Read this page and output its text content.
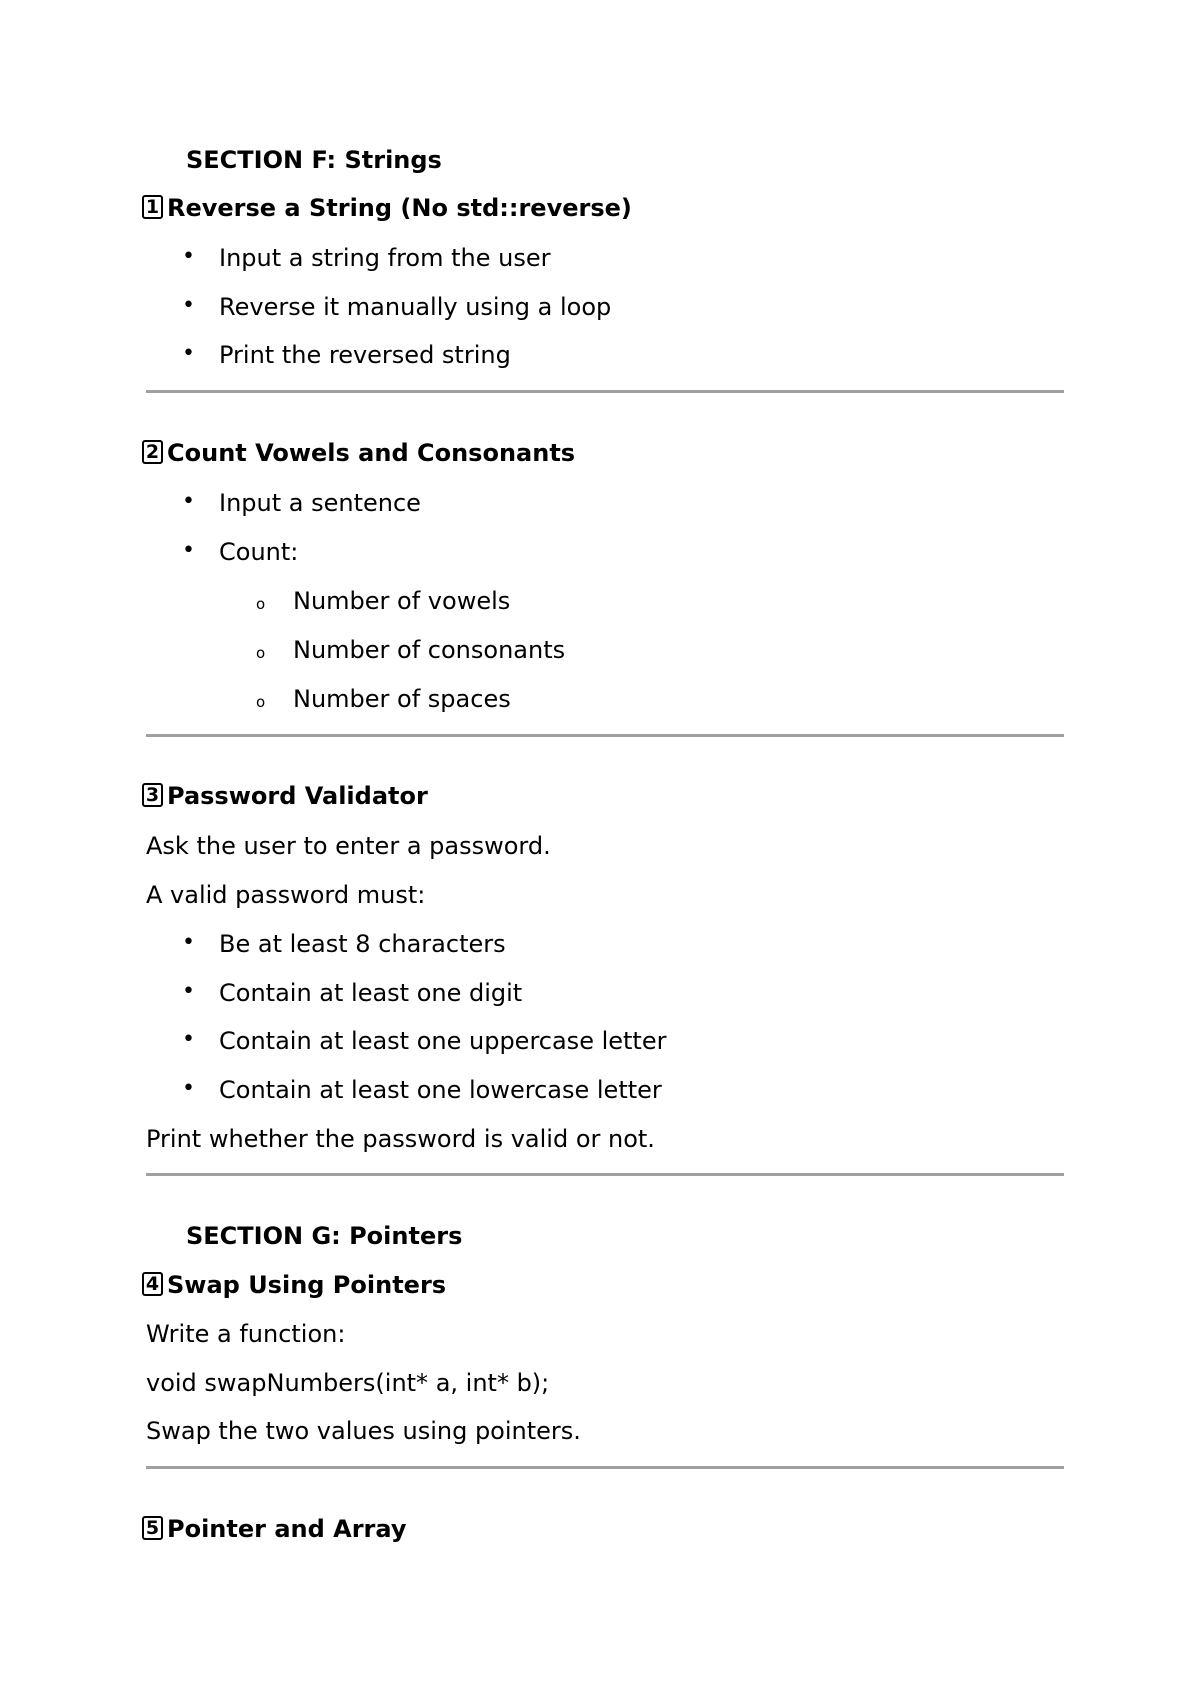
SECTION F: Strings
1 Reverse a String (No std::reverse)
• Input a string from the user
• Reverse it manually using a loop
• Print the reversed string
2 Count Vowels and Consonants
• Input a sentence
• Count:
o Number of vowels
o Number of consonants
o Number of spaces
3 Password Validator
Ask the user to enter a password.
A valid password must:
• Be at least 8 characters
• Contain at least one digit
• Contain at least one uppercase letter
• Contain at least one lowercase letter
Print whether the password is valid or not.
SECTION G: Pointers
4 Swap Using Pointers
Write a function:
void swapNumbers(int* a, int* b);
Swap the two values using pointers.
5 Pointer and Array
